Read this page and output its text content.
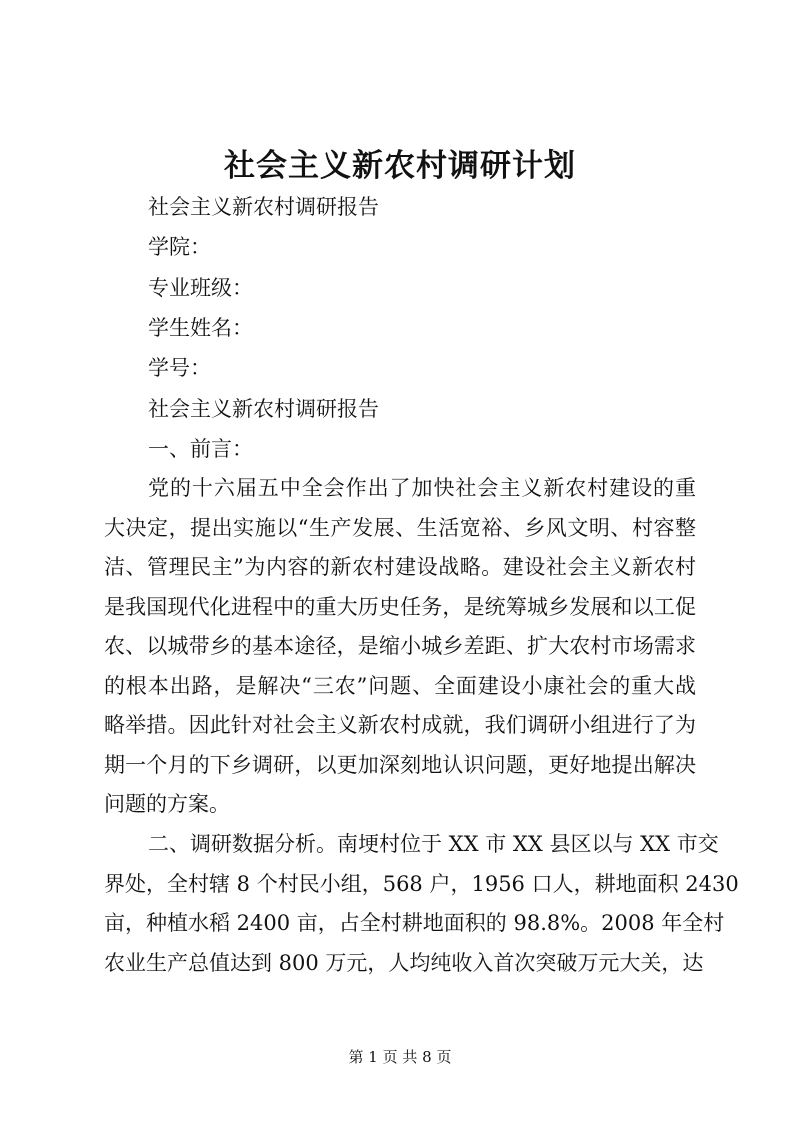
社会主义新农村调研计划

社会主义新农村调研报告

学院：

专业班级：

学生姓名：

学号：

社会主义新农村调研报告

一、前言：

党的十六届五中全会作出了加快社会主义新农村建设的重
大决定，提出实施以“生产发展、生活宽裕、乡风文明、村容整
洁、管理民主”为内容的新农村建设战略。建设社会主义新农村
是我国现代化进程中的重大历史任务，是统筹城乡发展和以工促
农、以城带乡的基本途径，是缩小城乡差距、扩大农村市场需求
的根本出路，是解决“三农”问题、全面建设小康社会的重大战
略举措。因此针对社会主义新农村成就，我们调研小组进行了为
期一个月的下乡调研，以更加深刻地认识问题，更好地提出解决
问题的方案。
二、调研数据分析。南埂村位于 XX 市 XX 县区以与 XX 市交
界处，全村辖 8 个村民小组，568 户，1956 口人，耕地面积 2430
亩，种植水稻 2400 亩，占全村耕地面积的 98.8%。2008 年全村
农业生产总值达到 800 万元，人均纯收入首次突破万元大关，达

第 1 页 共 8 页
